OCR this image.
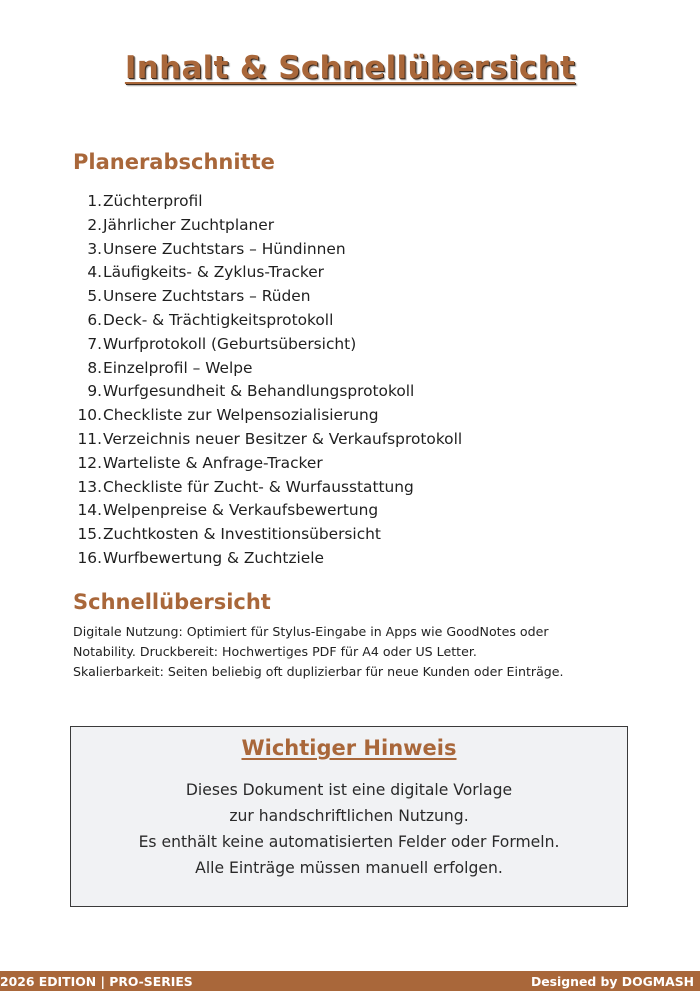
Inhalt & Schnellübersicht
Planerabschnitte
1. Züchterprofil
2. Jährlicher Zuchtplaner
3. Unsere Zuchtstars – Hündinnen
4. Läufigkeits- & Zyklus-Tracker
5. Unsere Zuchtstars – Rüden
6. Deck- & Trächtigkeitsprotokoll
7. Wurfprotokoll (Geburtsübersicht)
8. Einzelprofil – Welpe
9. Wurfgesundheit & Behandlungsprotokoll
10. Checkliste zur Welpensozialisierung
11. Verzeichnis neuer Besitzer & Verkaufsprotokoll
12. Warteliste & Anfrage-Tracker
13. Checkliste für Zucht- & Wurfausstattung
14. Welpenpreise & Verkaufsbewertung
15. Zuchtkosten & Investitionsübersicht
16. Wurfbewertung & Zuchtziele
Schnellübersicht
Digitale Nutzung: Optimiert für Stylus-Eingabe in Apps wie GoodNotes oder
Notability. Druckbereit: Hochwertiges PDF für A4 oder US Letter.
Skalierbarkeit: Seiten beliebig oft duplizierbar für neue Kunden oder Einträge.
Wichtiger Hinweis
Dieses Dokument ist eine digitale Vorlage
zur handschriftlichen Nutzung.
Es enthält keine automatisierten Felder oder Formeln.
Alle Einträge müssen manuell erfolgen.
2026 EDITION | PRO-SERIES	Designed by DOGMASH
